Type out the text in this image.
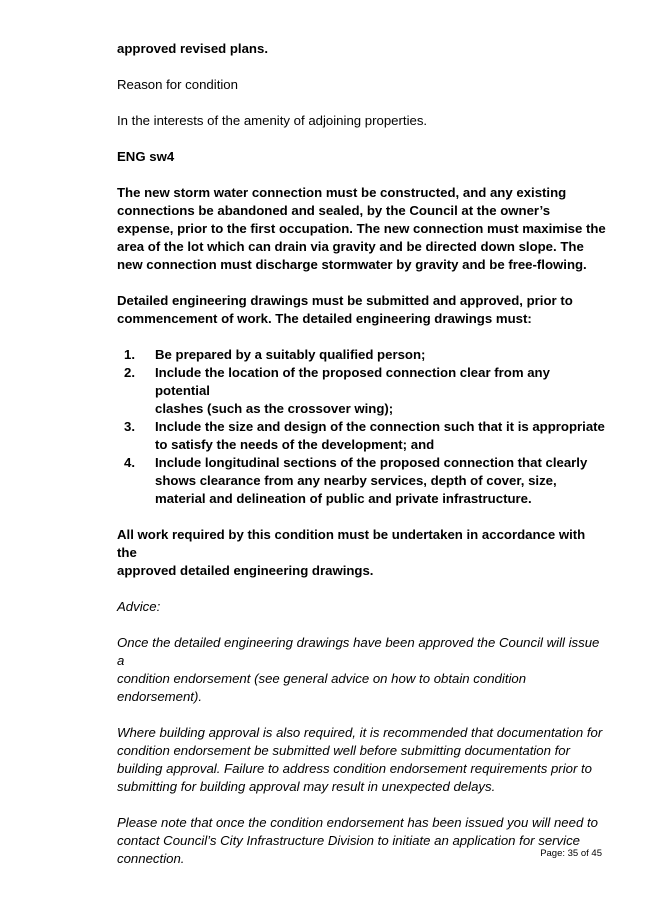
approved revised plans.

Reason for condition

In the interests of the amenity of adjoining properties.

ENG sw4

The new storm water connection must be constructed, and any existing
connections be abandoned and sealed, by the Council at the owner’s
expense, prior to the first occupation. The new connection must maximise the
area of the lot which can drain via gravity and be directed down slope. The
new connection must discharge stormwater by gravity and be free-flowing.

Detailed engineering drawings must be submitted and approved, prior to
commencement of work. The detailed engineering drawings must:

1. Be prepared by a suitably qualified person;
2. Include the location of the proposed connection clear from any potential
clashes (such as the crossover wing);
3. Include the size and design of the connection such that it is appropriate
to satisfy the needs of the development; and
4. Include longitudinal sections of the proposed connection that clearly
shows clearance from any nearby services, depth of cover, size,
material and delineation of public and private infrastructure.

All work required by this condition must be undertaken in accordance with the
approved detailed engineering drawings.

Advice:

Once the detailed engineering drawings have been approved the Council will issue a
condition endorsement (see general advice on how to obtain condition
endorsement).

Where building approval is also required, it is recommended that documentation for
condition endorsement be submitted well before submitting documentation for
building approval. Failure to address condition endorsement requirements prior to
submitting for building approval may result in unexpected delays.

Please note that once the condition endorsement has been issued you will need to
contact Council’s City Infrastructure Division to initiate an application for service
connection.	Page: 35 of 45
